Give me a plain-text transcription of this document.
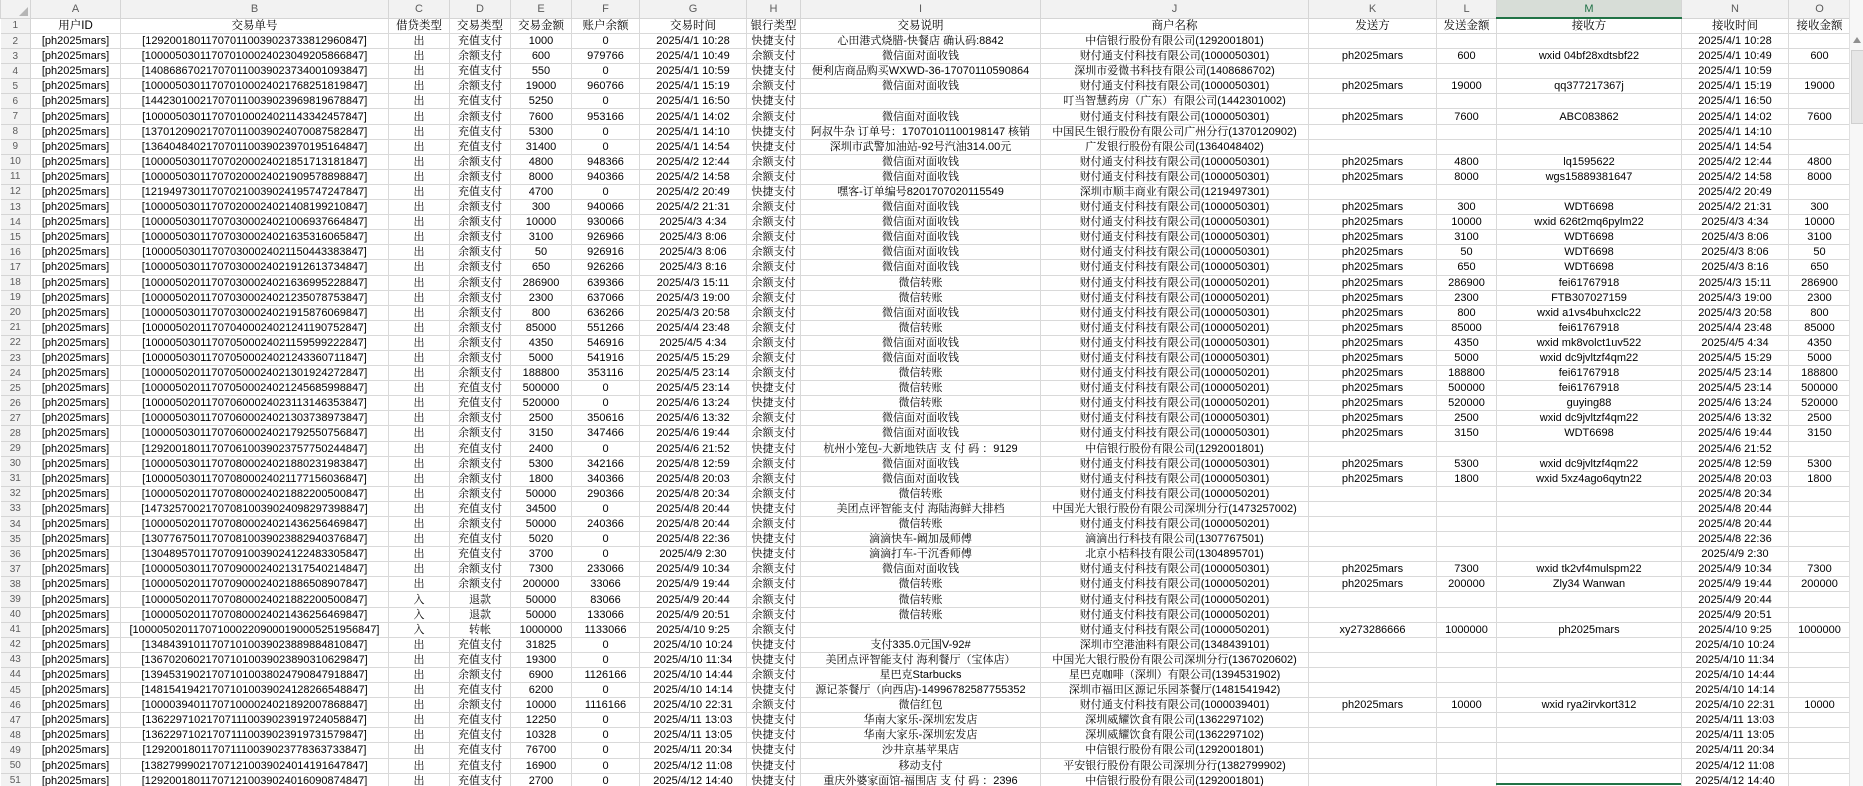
	A	B	C	D	E	F	G	H	I	J	K	L	M	N	O
1	用户ID	交易单号	借贷类型	交易类型	交易金额	账户余额	交易时间	银行类型	交易说明	商户名称	发送方	发送金额	接收方	接收时间	接收金额
2	[ph2025mars]	[129200180117070110039023733812960847]	出	充值支付	1000	0	2025/4/1 10:28	快捷支付	心田港式烧腊-快餐店 确认码:8842	中信银行股份有限公司(1292001801)				2025/4/1 10:28	
3	[ph2025mars]	[100005030117070100024023049205866847]	出	余额支付	600	979766	2025/4/1 10:49	余额支付	微信面对面收钱	财付通支付科技有限公司(1000050301)	ph2025mars	600	wxid 04bf28xdtsbf22	2025/4/1 10:49	600
4	[ph2025mars]	[140868670217070110039023734001093847]	出	充值支付	550	0	2025/4/1 10:59	快捷支付	便利店商品购买WXWD-36-17070110590864	深圳市爱微书科技有限公司(1408686702)				2025/4/1 10:59	
5	[ph2025mars]	[100005030117070100024021768251819847]	出	余额支付	19000	960766	2025/4/1 15:19	余额支付	微信面对面收钱	财付通支付科技有限公司(1000050301)	ph2025mars	19000	qq377217367j	2025/4/1 15:19	19000
6	[ph2025mars]	[144230100217070110039023969819678847]	出	充值支付	5250	0	2025/4/1 16:50	快捷支付		叮当智慧药房（广东）有限公司(1442301002)				2025/4/1 16:50	
7	[ph2025mars]	[100005030117070100024021143342457847]	出	余额支付	7600	953166	2025/4/1 14:02	余额支付	微信面对面收钱	财付通支付科技有限公司(1000050301)	ph2025mars	7600	ABC083862	2025/4/1 14:02	7600
8	[ph2025mars]	[137012090217070110039024070087582847]	出	充值支付	5300	0	2025/4/1 14:10	快捷支付	阿叔牛杂 订单号：17070101100198147 核销	中国民生银行股份有限公司广州分行(1370120902)				2025/4/1 14:10	
9	[ph2025mars]	[136404840217070110039023970195164847]	出	充值支付	31400	0	2025/4/1 14:54	快捷支付	深圳市武警加油站-92号汽油314.00元	广发银行股份有限公司(1364048402)				2025/4/1 14:54	
10	[ph2025mars]	[100005030117070200024021851713181847]	出	余额支付	4800	948366	2025/4/2 12:44	余额支付	微信面对面收钱	财付通支付科技有限公司(1000050301)	ph2025mars	4800	lq1595622	2025/4/2 12:44	4800
11	[ph2025mars]	[100005030117070200024021909578898847]	出	余额支付	8000	940366	2025/4/2 14:58	余额支付	微信面对面收钱	财付通支付科技有限公司(1000050301)	ph2025mars	8000	wgs15889381647	2025/4/2 14:58	8000
12	[ph2025mars]	[121949730117070210039024195747247847]	出	充值支付	4700	0	2025/4/2 20:49	快捷支付	嘿客-订单编号8201707020115549	深圳市顺丰商业有限公司(1219497301)				2025/4/2 20:49	
13	[ph2025mars]	[100005030117070200024021408199210847]	出	余额支付	300	940066	2025/4/2 21:31	余额支付	微信面对面收钱	财付通支付科技有限公司(1000050301)	ph2025mars	300	WDT6698	2025/4/2 21:31	300
14	[ph2025mars]	[100005030117070300024021006937664847]	出	余额支付	10000	930066	2025/4/3 4:34	余额支付	微信面对面收钱	财付通支付科技有限公司(1000050301)	ph2025mars	10000	wxid 626t2mq6pylm22	2025/4/3 4:34	10000
15	[ph2025mars]	[100005030117070300024021635316065847]	出	余额支付	3100	926966	2025/4/3 8:06	余额支付	微信面对面收钱	财付通支付科技有限公司(1000050301)	ph2025mars	3100	WDT6698	2025/4/3 8:06	3100
16	[ph2025mars]	[100005030117070300024021150443383847]	出	余额支付	50	926916	2025/4/3 8:06	余额支付	微信面对面收钱	财付通支付科技有限公司(1000050301)	ph2025mars	50	WDT6698	2025/4/3 8:06	50
17	[ph2025mars]	[100005030117070300024021912613734847]	出	余额支付	650	926266	2025/4/3 8:16	余额支付	微信面对面收钱	财付通支付科技有限公司(1000050301)	ph2025mars	650	WDT6698	2025/4/3 8:16	650
18	[ph2025mars]	[100005020117070300024021636995228847]	出	余额支付	286900	639366	2025/4/3 15:11	余额支付	微信转账	财付通支付科技有限公司(1000050201)	ph2025mars	286900	fei61767918	2025/4/3 15:11	286900
19	[ph2025mars]	[100005020117070300024021235078753847]	出	余额支付	2300	637066	2025/4/3 19:00	余额支付	微信转账	财付通支付科技有限公司(1000050201)	ph2025mars	2300	FTB307027159	2025/4/3 19:00	2300
20	[ph2025mars]	[100005030117070300024021915876069847]	出	余额支付	800	636266	2025/4/3 20:58	余额支付	微信面对面收钱	财付通支付科技有限公司(1000050301)	ph2025mars	800	wxid a1vs4buhxclc22	2025/4/3 20:58	800
21	[ph2025mars]	[100005020117070400024021241190752847]	出	余额支付	85000	551266	2025/4/4 23:48	余额支付	微信转账	财付通支付科技有限公司(1000050201)	ph2025mars	85000	fei61767918	2025/4/4 23:48	85000
22	[ph2025mars]	[100005030117070500024021159599222847]	出	余额支付	4350	546916	2025/4/5 4:34	余额支付	微信面对面收钱	财付通支付科技有限公司(1000050301)	ph2025mars	4350	wxid mk8volct1uv522	2025/4/5 4:34	4350
23	[ph2025mars]	[100005030117070500024021243360711847]	出	余额支付	5000	541916	2025/4/5 15:29	余额支付	微信面对面收钱	财付通支付科技有限公司(1000050301)	ph2025mars	5000	wxid dc9jvltzf4qm22	2025/4/5 15:29	5000
24	[ph2025mars]	[100005020117070500024021301924272847]	出	余额支付	188800	353116	2025/4/5 23:14	余额支付	微信转账	财付通支付科技有限公司(1000050201)	ph2025mars	188800	fei61767918	2025/4/5 23:14	188800
25	[ph2025mars]	[100005020117070500024021245685998847]	出	充值支付	500000	0	2025/4/5 23:14	快捷支付	微信转账	财付通支付科技有限公司(1000050201)	ph2025mars	500000	fei61767918	2025/4/5 23:14	500000
26	[ph2025mars]	[100005020117070600024023113146353847]	出	充值支付	520000	0	2025/4/6 13:24	快捷支付	微信转账	财付通支付科技有限公司(1000050201)	ph2025mars	520000	guying88	2025/4/6 13:24	520000
27	[ph2025mars]	[100005030117070600024021303738973847]	出	余额支付	2500	350616	2025/4/6 13:32	余额支付	微信面对面收钱	财付通支付科技有限公司(1000050301)	ph2025mars	2500	wxid dc9jvltzf4qm22	2025/4/6 13:32	2500
28	[ph2025mars]	[100005030117070600024021792550756847]	出	余额支付	3150	347466	2025/4/6 19:44	余额支付	微信面对面收钱	财付通支付科技有限公司(1000050301)	ph2025mars	3150	WDT6698	2025/4/6 19:44	3150
29	[ph2025mars]	[129200180117070610039023757750244847]	出	充值支付	2400	0	2025/4/6 21:52	快捷支付	杭州小笼包-大新地铁店 支 付 码 ：9129	中信银行股份有限公司(1292001801)				2025/4/6 21:52	
30	[ph2025mars]	[100005030117070800024021880231983847]	出	余额支付	5300	342166	2025/4/8 12:59	余额支付	微信面对面收钱	财付通支付科技有限公司(1000050301)	ph2025mars	5300	wxid dc9jvltzf4qm22	2025/4/8 12:59	5300
31	[ph2025mars]	[100005030117070800024021177156036847]	出	余额支付	1800	340366	2025/4/8 20:03	余额支付	微信面对面收钱	财付通支付科技有限公司(1000050301)	ph2025mars	1800	wxid 5xz4ago6qytn22	2025/4/8 20:03	1800
32	[ph2025mars]	[100005020117070800024021882200500847]	出	余额支付	50000	290366	2025/4/8 20:34	余额支付	微信转账	财付通支付科技有限公司(1000050201)				2025/4/8 20:34	
33	[ph2025mars]	[147325700217070810039024098297398847]	出	充值支付	34500	0	2025/4/8 20:44	快捷支付	美团点评智能支付 海陆海鲜大排档	中国光大银行股份有限公司深圳分行(1473257002)				2025/4/8 20:44	
34	[ph2025mars]	[100005020117070800024021436256469847]	出	余额支付	50000	240366	2025/4/8 20:44	余额支付	微信转账	财付通支付科技有限公司(1000050201)				2025/4/8 20:44	
35	[ph2025mars]	[130776750117070810039023882940376847]	出	充值支付	5020	0	2025/4/8 22:36	快捷支付	滴滴快车-阚加晟师傅	滴滴出行科技有限公司(1307767501)				2025/4/8 22:36	
36	[ph2025mars]	[130489570117070910039024122483305847]	出	充值支付	3700	0	2025/4/9 2:30	快捷支付	滴滴打车-干沉香师傅	北京小桔科技有限公司(1304895701)				2025/4/9 2:30	
37	[ph2025mars]	[100005030117070900024021317540214847]	出	余额支付	7300	233066	2025/4/9 10:34	余额支付	微信面对面收钱	财付通支付科技有限公司(1000050301)	ph2025mars	7300	wxid tk2vf4mulspm22	2025/4/9 10:34	7300
38	[ph2025mars]	[100005020117070900024021886508907847]	出	余额支付	200000	33066	2025/4/9 19:44	余额支付	微信转账	财付通支付科技有限公司(1000050201)	ph2025mars	200000	Zly34 Wanwan	2025/4/9 19:44	200000
39	[ph2025mars]	[100005020117070800024021882200500847]	入	退款	50000	83066	2025/4/9 20:44	余额支付	微信转账	财付通支付科技有限公司(1000050201)				2025/4/9 20:44	
40	[ph2025mars]	[100005020117070800024021436256469847]	入	退款	50000	133066	2025/4/9 20:51	余额支付	微信转账	财付通支付科技有限公司(1000050201)				2025/4/9 20:51	
41	[ph2025mars]	[1000050201170710002209000190005251956847]	入	转帐	1000000	1133066	2025/4/10 9:25	余额支付		财付通支付科技有限公司(1000050201)	xy273286666	1000000	ph2025mars	2025/4/10 9:25	1000000
42	[ph2025mars]	[134843910117071010039023889884810847]	出	充值支付	31825	0	2025/4/10 10:24	快捷支付	支付335.0元国V-92#	深圳市空港油料有限公司(1348439101)				2025/4/10 10:24	
43	[ph2025mars]	[136702060217071010039023890310629847]	出	充值支付	19300	0	2025/4/10 11:34	快捷支付	美团点评智能支付 海利餐厅（宝体店）	中国光大银行股份有限公司深圳分行(1367020602)				2025/4/10 11:34	
44	[ph2025mars]	[139453190217071010038024790847918847]	出	余额支付	6900	1126166	2025/4/10 14:44	余额支付	星巴克Starbucks	星巴克咖啡（深圳）有限公司(1394531902)				2025/4/10 14:44	
45	[ph2025mars]	[148154194217071010039024128266548847]	出	充值支付	6200	0	2025/4/10 14:14	快捷支付	源记茶餐厅（向西店)-14996782587755352	深圳市福田区源记乐园茶餐厅(1481541942)				2025/4/10 14:14	
46	[ph2025mars]	[100003940117071000024021892007868847]	出	余额支付	10000	1116166	2025/4/10 22:31	余额支付	微信红包	财付通支付科技有限公司(1000039401)	ph2025mars	10000	wxid rya2irvkort312	2025/4/10 22:31	10000
47	[ph2025mars]	[136229710217071110039023919724058847]	出	充值支付	12250	0	2025/4/11 13:03	快捷支付	华南大家乐-深圳宏发店	深圳威耀饮食有限公司(1362297102)				2025/4/11 13:03	
48	[ph2025mars]	[136229710217071110039023919731579847]	出	充值支付	10328	0	2025/4/11 13:05	快捷支付	华南大家乐-深圳宏发店	深圳威耀饮食有限公司(1362297102)				2025/4/11 13:05	
49	[ph2025mars]	[129200180117071110039023778363733847]	出	充值支付	76700	0	2025/4/11 20:34	快捷支付	沙井京基苹果店	中信银行股份有限公司(1292001801)				2025/4/11 20:34	
50	[ph2025mars]	[138279990217071210039024014191647847]	出	充值支付	16900	0	2025/4/12 11:08	快捷支付	移动支付	平安银行股份有限公司深圳分行(1382799902)				2025/4/12 11:08	
51	[ph2025mars]	[129200180117071210039024016090874847]	出	充值支付	2700	0	2025/4/12 14:40	快捷支付	重庆外婆家面馆-福围店 支 付 码 ：2396	中信银行股份有限公司(1292001801)				2025/4/12 14:40	
